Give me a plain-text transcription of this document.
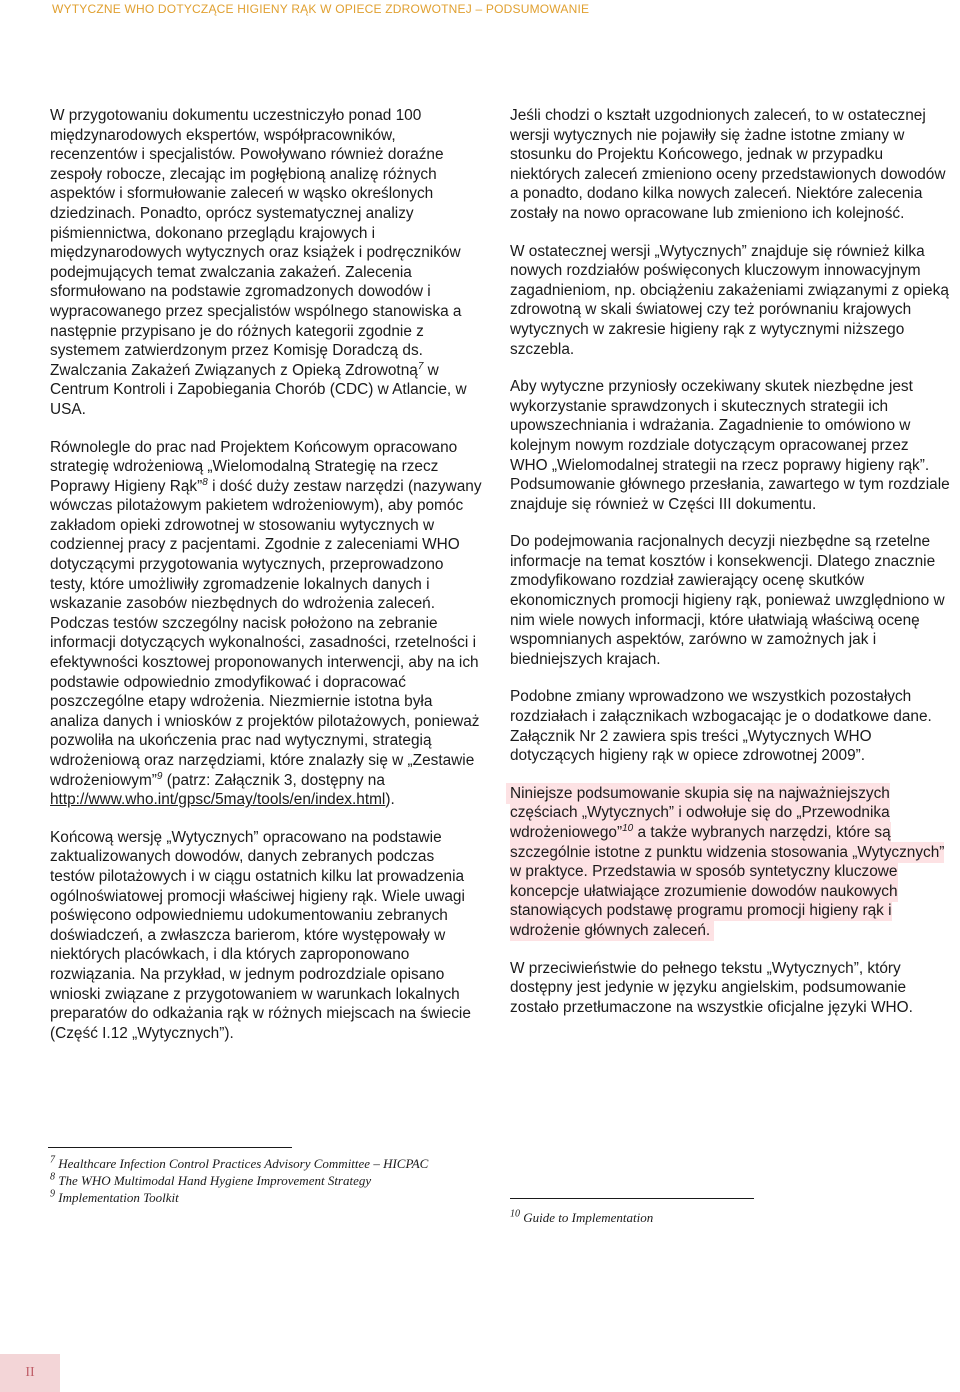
WYTYCZNE WHO DOTYCZĄCE HIGIENY RĄK W OPIECE ZDROWOTNEJ – PODSUMOWANIE

W przygotowaniu dokumentu uczestniczyło ponad 100 międzynarodowych ekspertów, współpracowników, recenzentów i specjalistów. Powoływano również doraźne zespoły robocze, zlecając im pogłębioną analizę różnych aspektów i sformułowanie zaleceń w wąsko określonych dziedzinach. Ponadto, oprócz systematycznej analizy piśmiennictwa, dokonano przeglądu krajowych i międzynarodowych wytycznych oraz książek i podręczników podejmujących temat zwalczania zakażeń. Zalecenia sformułowano na podstawie zgromadzonych dowodów i wypracowanego przez specjalistów wspólnego stanowiska a następnie przypisano je do różnych kategorii zgodnie z systemem zatwierdzonym przez Komisję Doradczą ds. Zwalczania Zakażeń Związanych z Opieką Zdrowotną$^7$ w Centrum Kontroli i Zapobiegania Chorób (CDC) w Atlancie, w USA.

Równolegle do prac nad Projektem Końcowym opracowano strategię wdrożeniową „Wielomodalną Strategię na rzecz Poprawy Higieny Rąk”$^8$ i dość duży zestaw narzędzi (nazywany wówczas pilotażowym pakietem wdrożeniowym), aby pomóc zakładom opieki zdrowotnej w stosowaniu wytycznych w codziennej pracy z pacjentami. Zgodnie z zaleceniami WHO dotyczącymi przygotowania wytycznych, przeprowadzono testy, które umożliwiły zgromadzenie lokalnych danych i wskazanie zasobów niezbędnych do wdrożenia zaleceń. Podczas testów szczególny nacisk położono na zebranie informacji dotyczących wykonalności, zasadności, rzetelności i efektywności kosztowej proponowanych interwencji, aby na ich podstawie odpowiednio zmodyfikować i dopracować poszczególne etapy wdrożenia. Niezmiernie istotna była analiza danych i wniosków z projektów pilotażowych, ponieważ pozwoliła na ukończenia prac nad wytycznymi, strategią wdrożeniową oraz narzędziami, które znalazły się w „Zestawie wdrożeniowym”$^9$ (patrz: Załącznik 3, dostępny na http://www.who.int/gpsc/5may/tools/en/index.html).

Końcową wersję „Wytycznych” opracowano na podstawie zaktualizowanych dowodów, danych zebranych podczas testów pilotażowych i w ciągu ostatnich kilku lat prowadzenia ogólnoświatowej promocji właściwej higieny rąk. Wiele uwagi poświęcono odpowiedniemu udokumentowaniu zebranych doświadczeń, a zwłaszcza barierom, które występowały w niektórych placówkach, i dla których zaproponowano rozwiązania. Na przykład, w jednym podrozdziale opisano wnioski związane z przygotowaniem w warunkach lokalnych preparatów do odkażania rąk w różnych miejscach na świecie (Część I.12 „Wytycznych”).

Jeśli chodzi o kształt uzgodnionych zaleceń, to w ostatecznej wersji wytycznych nie pojawiły się żadne istotne zmiany w stosunku do Projektu Końcowego, jednak w przypadku niektórych zaleceń zmieniono oceny przedstawionych dowodów a ponadto, dodano kilka nowych zaleceń. Niektóre zalecenia zostały na nowo opracowane lub zmieniono ich kolejność.

W ostatecznej wersji „Wytycznych” znajduje się również kilka nowych rozdziałów poświęconych kluczowym innowacyjnym zagadnieniom, np. obciążeniu zakażeniami związanymi z opieką zdrowotną w skali światowej czy też porównaniu krajowych wytycznych w zakresie higieny rąk z wytycznymi niższego szczebla.

Aby wytyczne przyniosły oczekiwany skutek niezbędne jest wykorzystanie sprawdzonych i skutecznych strategii ich upowszechniania i wdrażania. Zagadnienie to omówiono w kolejnym nowym rozdziale dotyczącym opracowanej przez WHO „Wielomodalnej strategii na rzecz poprawy higieny rąk”. Podsumowanie głównego przesłania, zawartego w tym rozdziale znajduje się również w Części III dokumentu.

Do podejmowania racjonalnych decyzji niezbędne są rzetelne informacje na temat kosztów i konsekwencji. Dlatego znacznie zmodyfikowano rozdział zawierający ocenę skutków ekonomicznych promocji higieny rąk, ponieważ uwzględniono w nim wiele nowych informacji, które ułatwiają właściwą ocenę wspomnianych aspektów, zarówno w zamożnych jak i biedniejszych krajach.

Podobne zmiany wprowadzono we wszystkich pozostałych rozdziałach i załącznikach wzbogacając je o dodatkowe dane. Załącznik Nr 2 zawiera spis treści „Wytycznych WHO dotyczących higieny rąk w opiece zdrowotnej 2009”.

Niniejsze podsumowanie skupia się na najważniejszych częściach „Wytycznych” i odwołuje się do „Przewodnika wdrożeniowego”$^{10}$ a także wybranych narzędzi, które są szczególnie istotne z punktu widzenia stosowania „Wytycznych” w praktyce. Przedstawia w sposób syntetyczny kluczowe koncepcje ułatwiające zrozumienie dowodów naukowych stanowiących podstawę programu promocji higieny rąk i wdrożenie głównych zaleceń.

W przeciwieństwie do pełnego tekstu „Wytycznych”, który dostępny jest jedynie w języku angielskim, podsumowanie zostało przetłumaczone na wszystkie oficjalne języki WHO.

$^7$ Healthcare Infection Control Practices Advisory Committee – HICPAC

$^8$ The WHO Multimodal Hand Hygiene Improvement Strategy

$^9$ Implementation Toolkit

$^{10}$ Guide to Implementation

II
